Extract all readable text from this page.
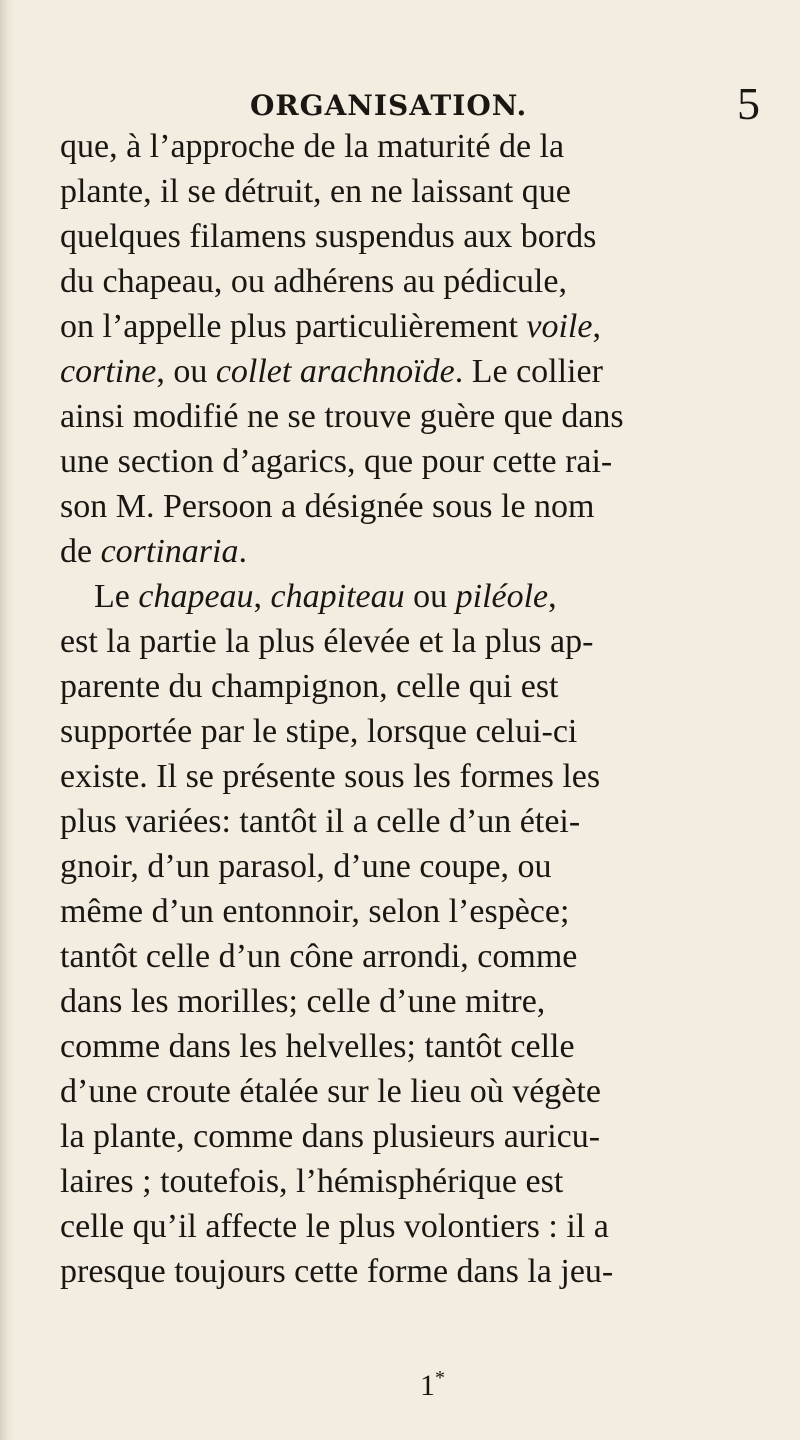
ORGANISATION.	5
que, à l’approche de la maturité de la
plante, il se détruit, en ne laissant que
quelques filamens suspendus aux bords
du chapeau, ou adhérens au pédicule,
on l’appelle plus particulièrement voile,
cortine, ou collet arachnoïde. Le collier
ainsi modifié ne se trouve guère que dans
une section d’agarics, que pour cette rai-
son M. Persoon a désignée sous le nom
de cortinaria.
Le chapeau, chapiteau ou piléole,
est la partie la plus élevée et la plus ap-
parente du champignon, celle qui est
supportée par le stipe, lorsque celui-ci
existe. Il se présente sous les formes les
plus variées: tantôt il a celle d’un étei-
gnoir, d’un parasol, d’une coupe, ou
même d’un entonnoir, selon l’espèce;
tantôt celle d’un cône arrondi, comme
dans les morilles; celle d’une mitre,
comme dans les helvelles; tantôt celle
d’une croute étalée sur le lieu où végète
la plante, comme dans plusieurs auricu-
laires ; toutefois, l’hémisphérique est
celle qu’il affecte le plus volontiers : il a
presque toujours cette forme dans la jeu-
1*
